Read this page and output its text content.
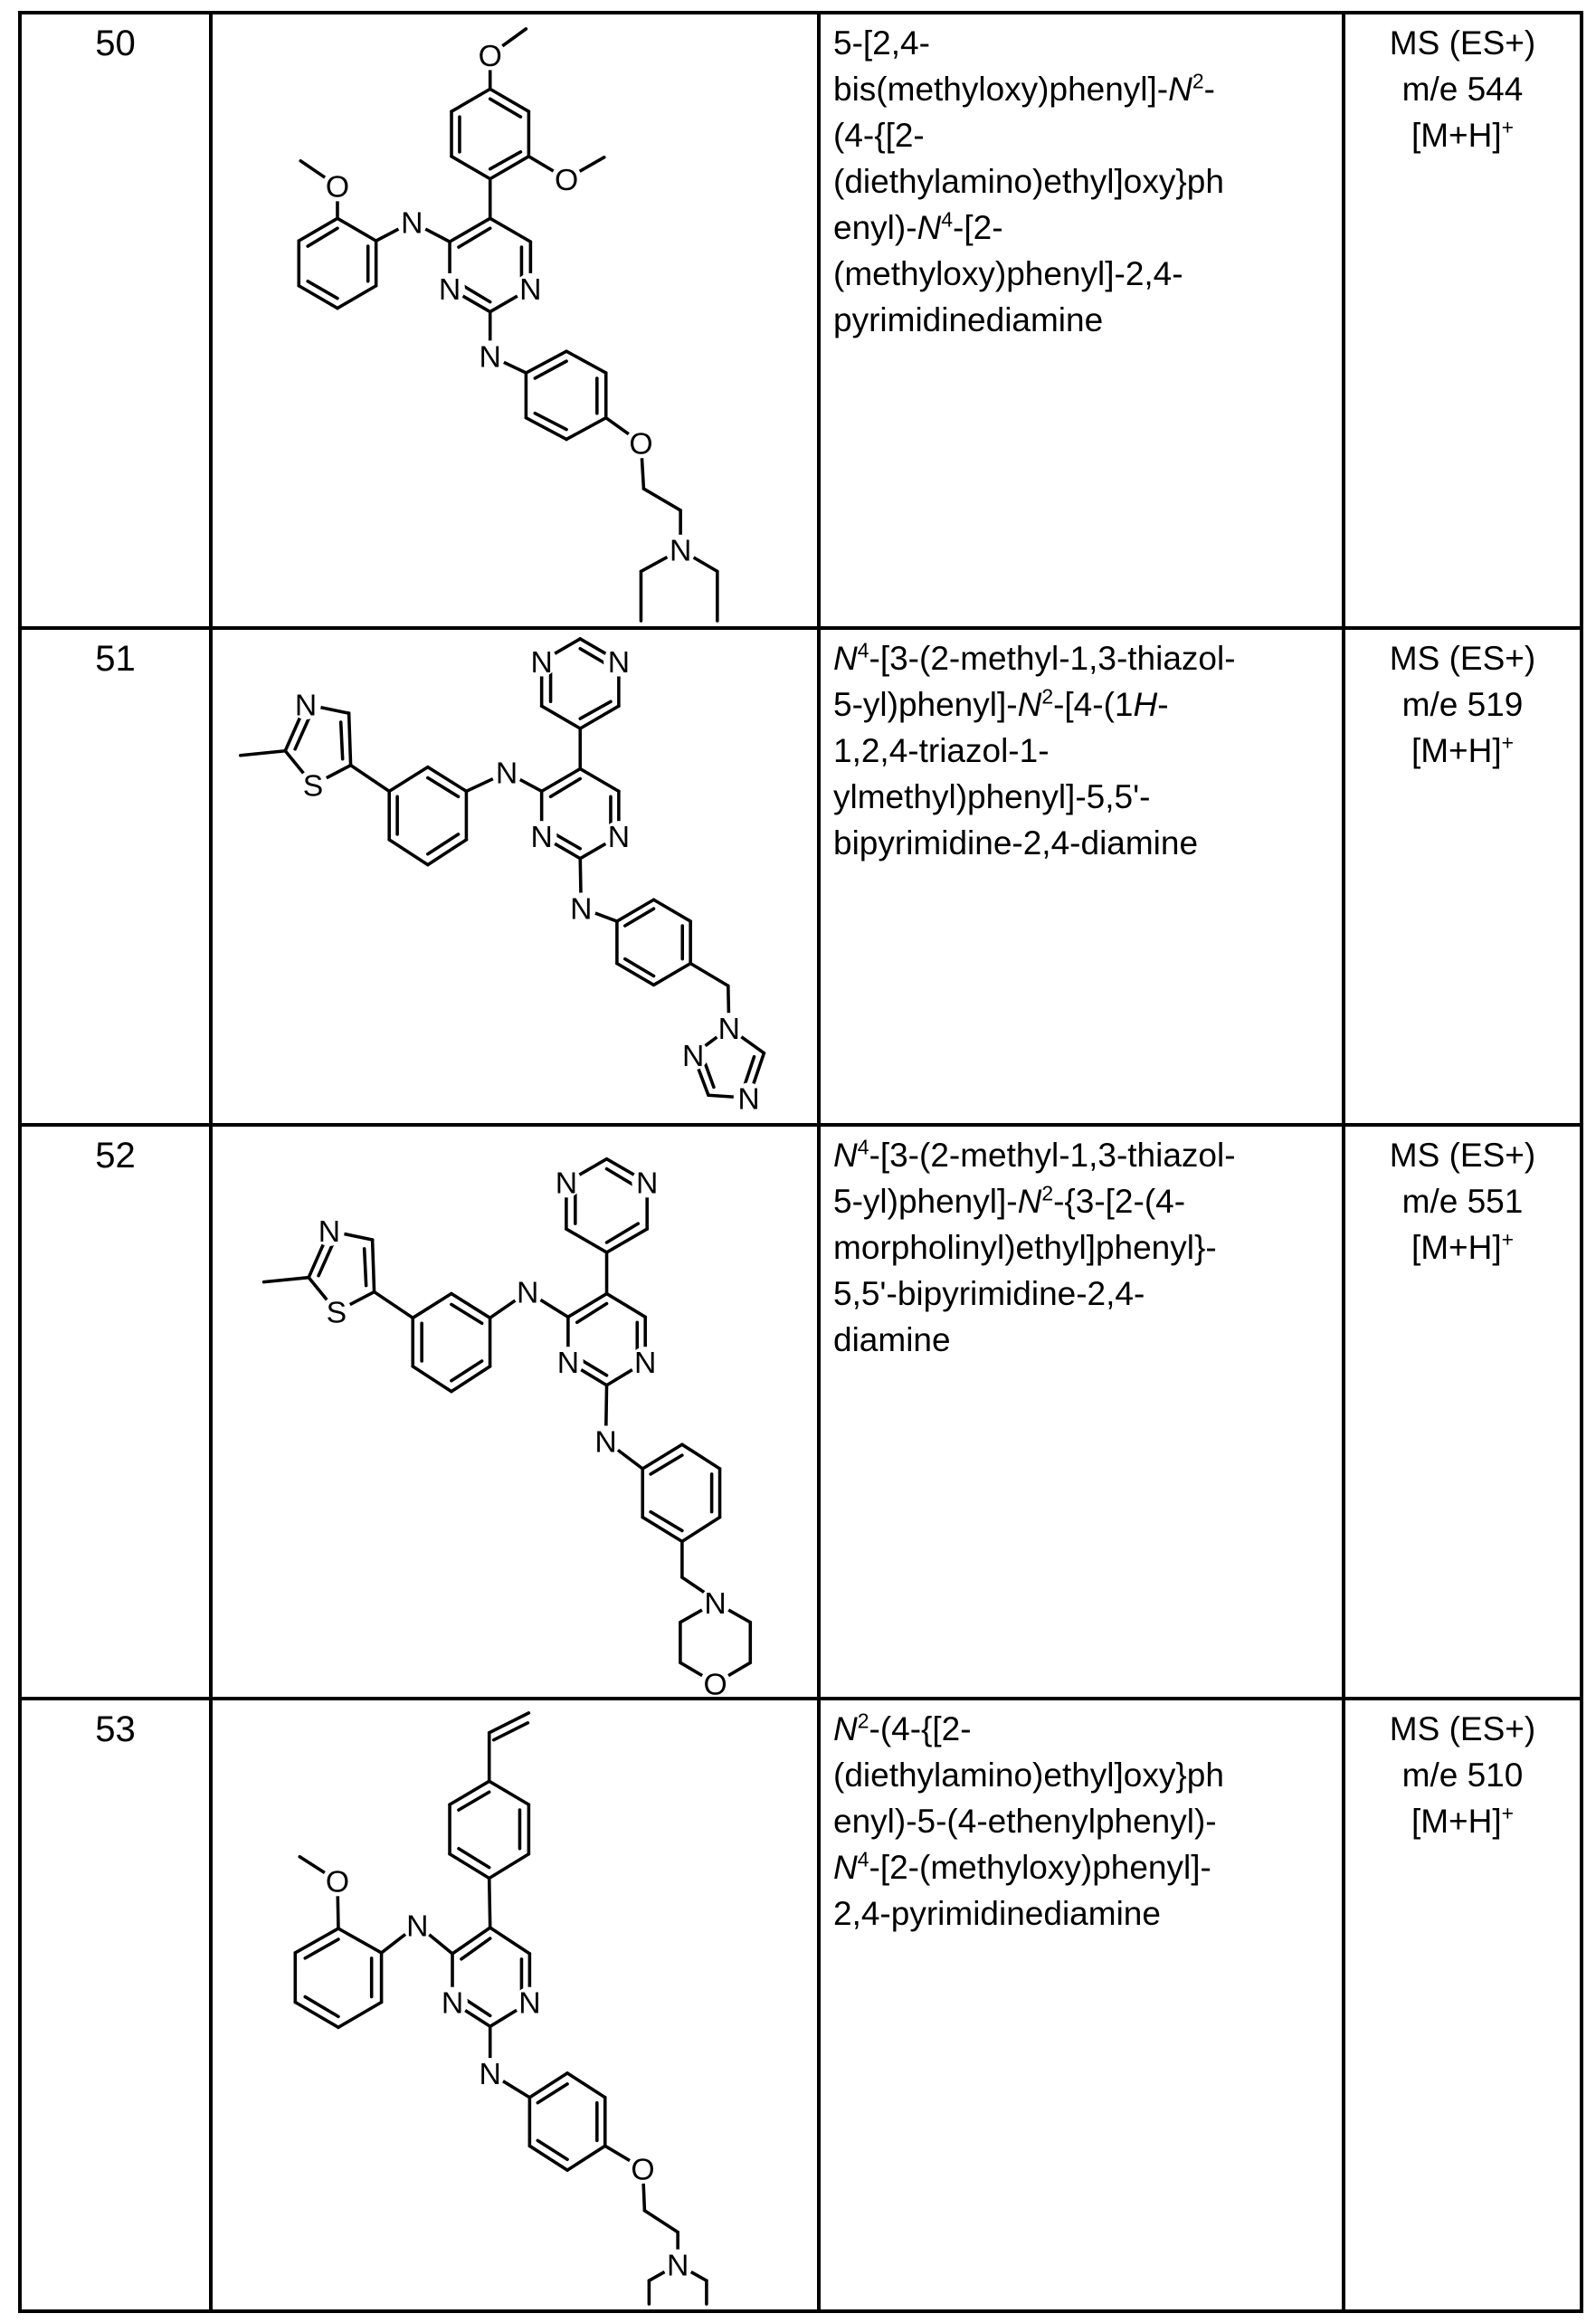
50
N
N
N
N
N
O
O
O
O
5-[2,4-
$bis(methyloxy)phenyl]-N^2-$
(4-{[2-
(diethylamino)ethyl]oxy}ph
$enyl)-N^4-[2-$
(methyloxy)phenyl]-2,4-
pyrimidinediamine
MS (ES+)
m/e 544
[M+H]+
51
N
S	N
N N
N N
N
N
N
N
$N^4-[3-(2-methyl-1,3-thiazol-$
$5-yl)phenyl]-N^2-[4-(1H-$
1,2,4-triazol-1-
ylmethyl)phenyl]-5,5'-
bipyrimidine-2,4-diamine
MS (ES+)
m/e 519
[M+H]+
52
N
S
N
N N
N N
N
N
O
$N^4-[3-(2-methyl-1,3-thiazol-$
$5-yl)phenyl]-N^2-\{3-[2-(4-$
morpholinyl)ethyl]phenyl}-
5,5'-bipyrimidine-2,4-
diamine
MS (ES+)
m/e 551
[M+H]+
53
N
N N
N
N
O
O
$N^2-(4-\{[2-$
(diethylamino)ethyl]oxy}ph
enyl)-5-(4-ethenylphenyl)-
$N^4-[2-(methyloxy)phenyl]-$
2,4-pyrimidinediamine
MS (ES+)
m/e 510
[M+H]+
